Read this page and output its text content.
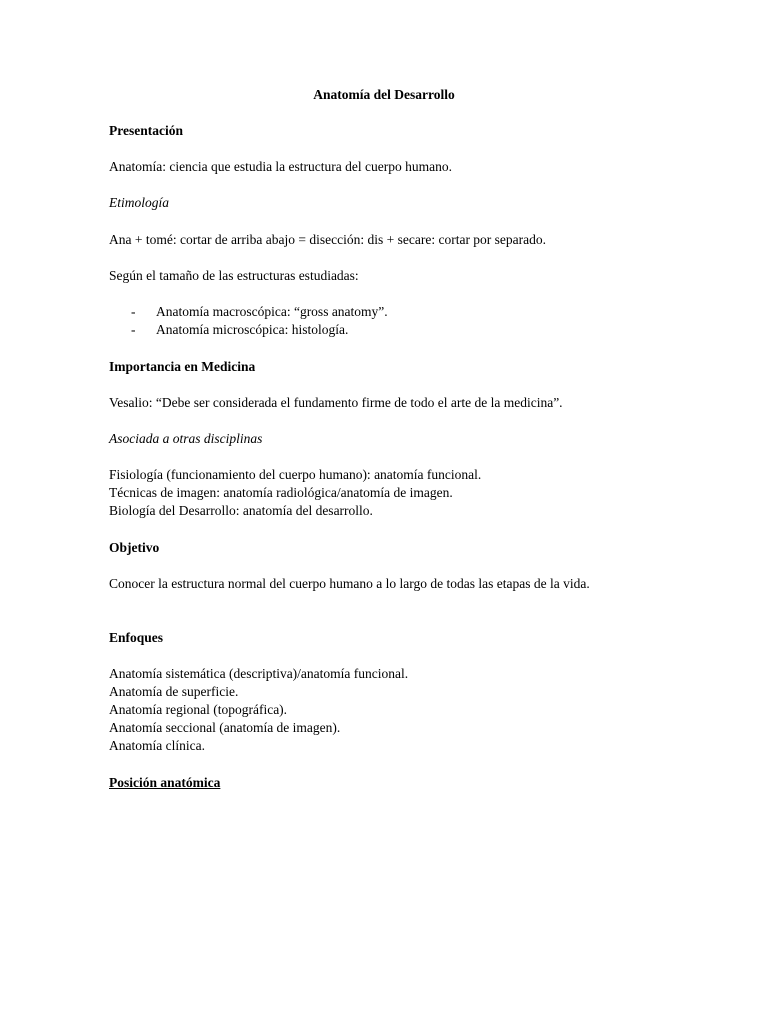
Anatomía del Desarrollo
Presentación
Anatomía: ciencia que estudia la estructura del cuerpo humano.
Etimología
Ana + tomé: cortar de arriba abajo = disección: dis + secare: cortar por separado.
Según el tamaño de las estructuras estudiadas:
- Anatomía macroscópica: “gross anatomy”.
- Anatomía microscópica: histología.
Importancia en Medicina
Vesalio: “Debe ser considerada el fundamento firme de todo el arte de la medicina”.
Asociada a otras disciplinas
Fisiología (funcionamiento del cuerpo humano): anatomía funcional.
Técnicas de imagen: anatomía radiológica/anatomía de imagen.
Biología del Desarrollo: anatomía del desarrollo.
Objetivo
Conocer la estructura normal del cuerpo humano a lo largo de todas las etapas de la vida.
Enfoques
Anatomía sistemática (descriptiva)/anatomía funcional.
Anatomía de superficie.
Anatomía regional (topográfica).
Anatomía seccional (anatomía de imagen).
Anatomía clínica.
Posición anatómica
